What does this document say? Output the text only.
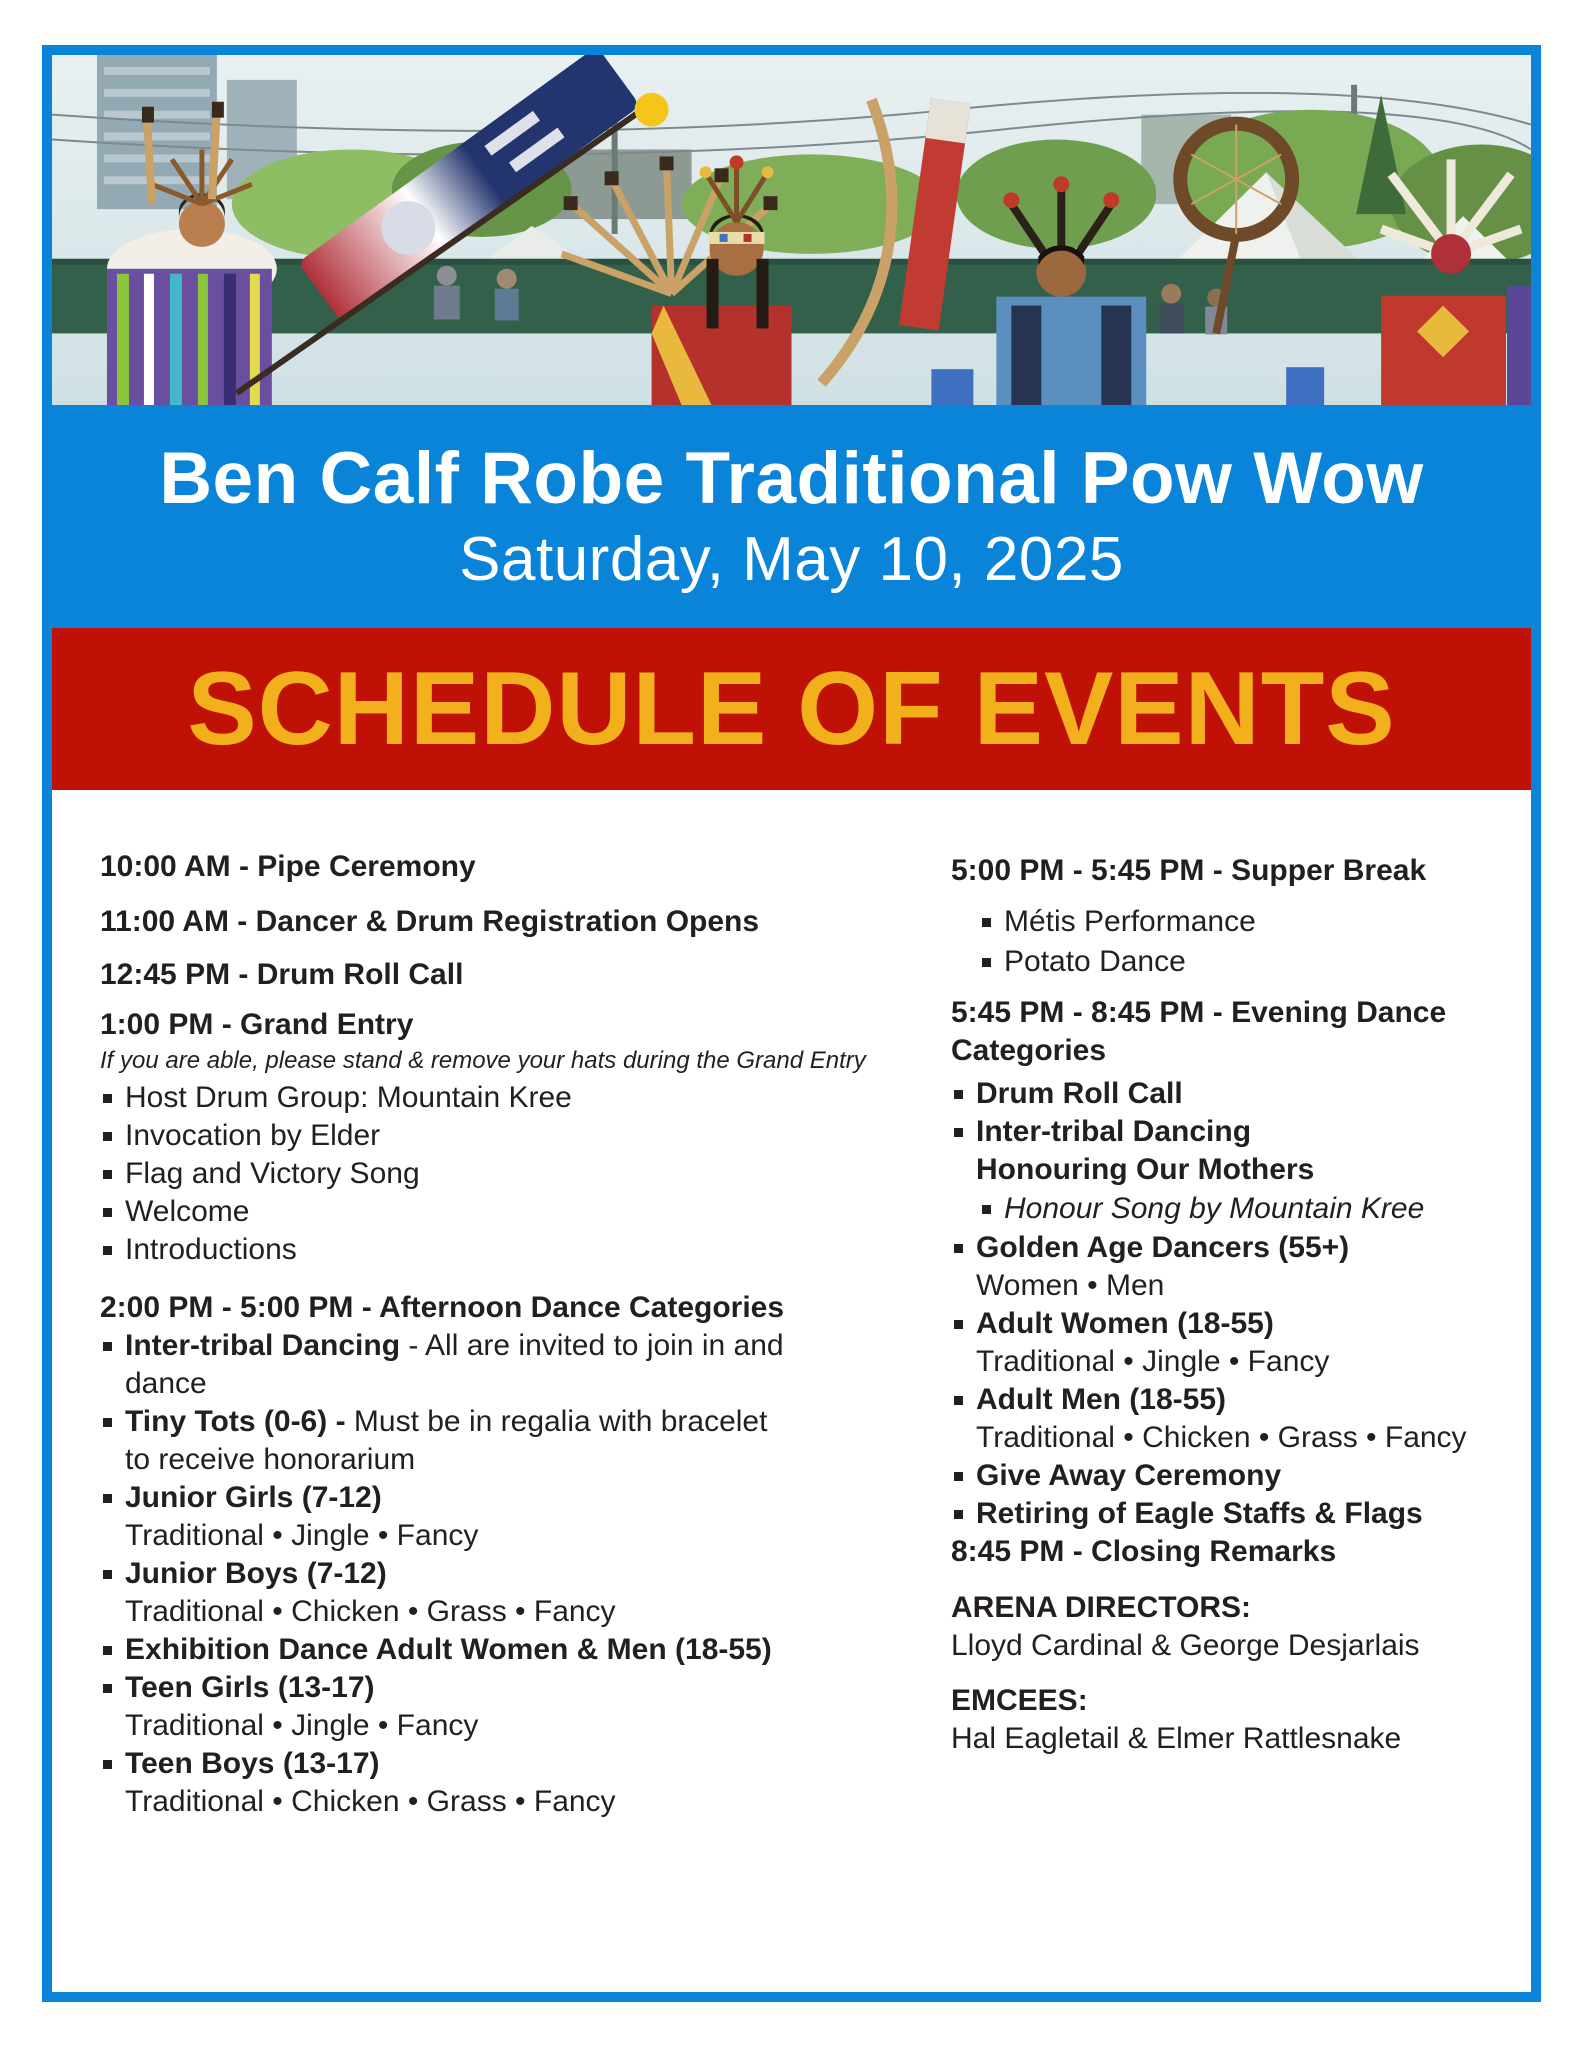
Ben Calf Robe Traditional Pow Wow
Saturday, May 10, 2025
SCHEDULE OF EVENTS

10:00 AM - Pipe Ceremony

11:00 AM - Dancer & Drum Registration Opens

12:45 PM - Drum Roll Call

1:00 PM - Grand Entry

If you are able, please stand & remove your hats during the Grand Entry

Host Drum Group: Mountain Kree
Invocation by Elder
Flag and Victory Song
Welcome
Introductions

2:00 PM - 5:00 PM - Afternoon Dance Categories

Inter-tribal Dancing - All are invited to join in and dance
Tiny Tots (0-6) - Must be in regalia with bracelet to receive honorarium
Junior Girls (7-12)
Traditional • Jingle • Fancy
Junior Boys (7-12)
Traditional • Chicken • Grass • Fancy
Exhibition Dance Adult Women & Men (18-55)
Teen Girls (13-17)
Traditional • Jingle • Fancy
Teen Boys (13-17)
Traditional • Chicken • Grass • Fancy

5:00 PM - 5:45 PM - Supper Break

Métis Performance
Potato Dance

5:45 PM - 8:45 PM - Evening Dance Categories

Drum Roll Call
Inter-tribal Dancing
Honouring Our Mothers
Honour Song by Mountain Kree
Golden Age Dancers (55+)
Women • Men
Adult Women (18-55)
Traditional • Jingle • Fancy
Adult Men (18-55)
Traditional • Chicken • Grass • Fancy
Give Away Ceremony
Retiring of Eagle Staffs & Flags

8:45 PM - Closing Remarks

ARENA DIRECTORS:

Lloyd Cardinal & George Desjarlais

EMCEES:

Hal Eagletail & Elmer Rattlesnake
